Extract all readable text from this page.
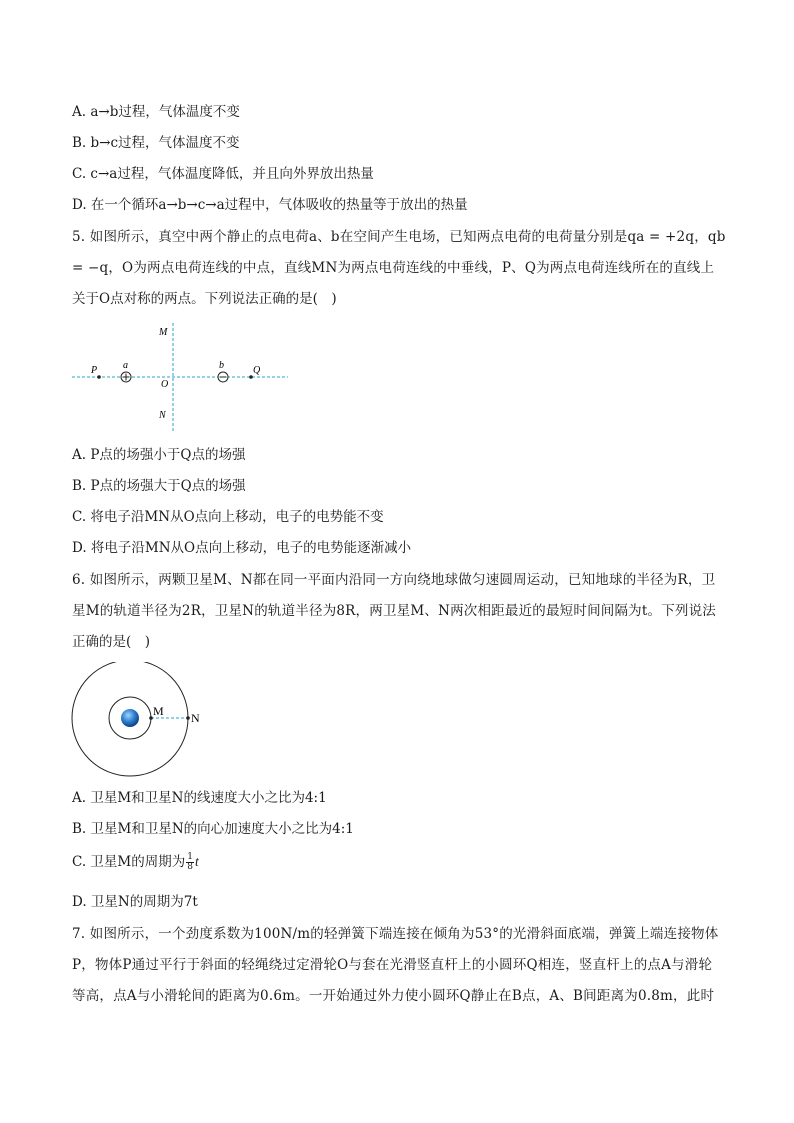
A. a→b过程，气体温度不变
B. b→c过程，气体温度不变
C. c→a过程，气体温度降低，并且向外界放出热量
D. 在一个循环a→b→c→a过程中，气体吸收的热量等于放出的热量
5. 如图所示，真空中两个静止的点电荷a、b在空间产生电场，已知两点电荷的电荷量分别是qa = +2q，qb
= −q，O为两点电荷连线的中点，直线MN为两点电荷连线的中垂线，P、Q为两点电荷连线所在的直线上
关于O点对称的两点。下列说法正确的是(　)
P	a
O
M
N
b	Q
A. P点的场强小于Q点的场强
B. P点的场强大于Q点的场强
C. 将电子沿MN从O点向上移动，电子的电势能不变
D. 将电子沿MN从O点向上移动，电子的电势能逐渐减小
6. 如图所示，两颗卫星M、N都在同一平面内沿同一方向绕地球做匀速圆周运动，已知地球的半径为R，卫
星M的轨道半径为2R，卫星N的轨道半径为8R，两卫星M、N两次相距最近的最短时间间隔为t。下列说法
正确的是(　)
M N
A. 卫星M和卫星N的线速度大小之比为4:1
B. 卫星M和卫星N的向心加速度大小之比为4:1
C. 卫星M的周期为 $\frac{1}{8}$ t
D. 卫星N的周期为7t
7. 如图所示，一个劲度系数为100N/m的轻弹簧下端连接在倾角为53°的光滑斜面底端，弹簧上端连接物体
P，物体P通过平行于斜面的轻绳绕过定滑轮O与套在光滑竖直杆上的小圆环Q相连，竖直杆上的点A与滑轮
等高，点A与小滑轮间的距离为0.6m。一开始通过外力使小圆环Q静止在B点，A、B间距离为0.8m，此时
